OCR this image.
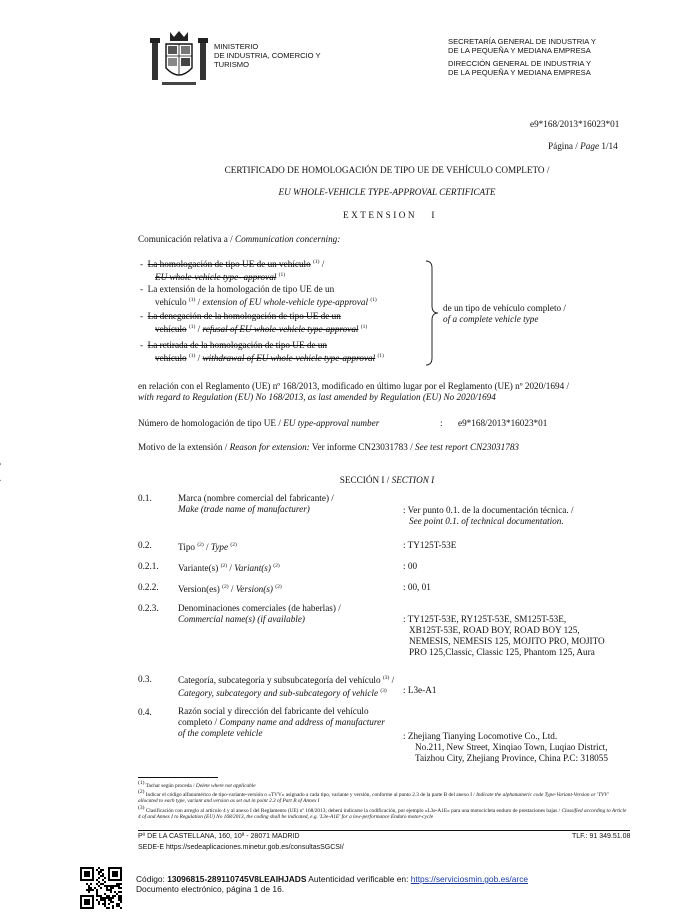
MINISTERIO
DE INDUSTRIA, COMERCIO Y
TURISMO
SECRETARÍA GENERAL DE INDUSTRIA Y
DE LA PEQUEÑA Y MEDIANA EMPRESA
DIRECCIÓN GENERAL DE INDUSTRIA Y
DE LA PEQUEÑA Y MEDIANA EMPRESA
e9*168/2013*16023*01
Página / Page 1/14
CERTIFICADO DE HOMOLOGACIÓN DE TIPO UE DE VEHÍCULO COMPLETO /
EU WHOLE-VEHICLE TYPE-APPROVAL CERTIFICATE
EXTENSION   I
Comunicación relativa a / Communication concerning:
-  La homologación de tipo UE de un vehículo $^{(1)}$ /
EU whole-vehicle type- approval $^{(1)}$
-  La extensión de la homologación de tipo UE de un
vehículo $^{(1)}$ / extension of EU whole-vehicle type-approval $^{(1)}$
-  La denegación de la homologación de tipo UE de un
vehículo $^{(1)}$ / refusal of EU whole-vehicle type-approval $^{(1)}$
-  La retirada de la homologación de tipo UE de un
vehículo $^{(1)}$ / withdrawal of EU whole-vehicle type-approval $^{(1)}$
de un tipo de vehículo completo /
of a complete vehicle type
en relación con el Reglamento (UE) nº 168/2013, modificado en último lugar por el Reglamento (UE) nº 2020/1694 /
with regard to Regulation (EU) No 168/2013, as last amended by Regulation (EU) No 2020/1694
Número de homologación de tipo UE / EU type-approval number	: e9*168/2013*16023*01
Motivo de la extensión / Reason for extension: Ver informe CN23031783 / See test report CN23031783
SECCIÓN I / SECTION I
0.1.	Marca (nombre comercial del fabricante) /
Make (trade name of manufacturer)	: Ver punto 0.1. de la documentación técnica. /
See point 0.1. of technical documentation.
0.2.	Tipo $^{(2)}$ / Type $^{(2)}$	: TY125T-53E
0.2.1. Variante(s) $^{(2)}$ / Variant(s) $^{(2)}$	: 00
0.2.2. Version(es) $^{(2)}$ / Version(s) $^{(2)}$	: 00, 01
0.2.3. Denominaciones comerciales (de haberlas) /
Commercial name(s) (if available)	: TY125T-53E, RY125T-53E, SM125T-53E,
XB125T-53E, ROAD BOY, ROAD BOY 125,
NEMESIS, NEMESIS 125, MOJITO PRO, MOJITO
PRO 125,Classic, Classic 125, Phantom 125, Aura
0.3.	Categoría, subcategoría y subsubcategoría del vehículo $^{(3)}$ /
Category, subcategory and sub-subcategory of vehicle $^{(3)}$	: L3e-A1
0.4.	Razón social y dirección del fabricante del vehículo
completo / Company name and address of manufacturer
of the complete vehicle	: Zhejiang Tianying Locomotive Co., Ltd.
No.211, New Street, Xinqiao Town, Luqiao District,
Taizhou City, Zhejiang Province, China P.C: 318055
$^{(1)}$ Tachar según proceda / Delete where not applicable
$^{(2)}$ Indicar el código alfanumérico de tipo-variante-versión o «TVV» asignado a cada tipo, variante y versión, conforme al punto 2.3 de la parte B del anexo I / Indicate the alphanumeric code Type-Variant-Version or 'TVV' allocated to each type, variant and version as set out in point 2.3 of Part B of Annex I
$^{(3)}$ Clasificación con arreglo al artículo 4 y al anexo I del Reglamento (UE) nº 168/2013; deberá indicarse la codificación, por ejemplo «L3e-A1E» para una motocicleta enduro de prestaciones bajas / Classified according to Article 4 of and Annex I to Regulation (EU) No 168/2013, the coding shall be indicated, e.g. 'L3e-A1E' for a low-performance Enduro motor-cycle
Pº DE LA CASTELLANA, 160, 10ª - 28071 MADRID	TLF.: 91 349.51.08
SEDE-E https://sedeaplicaciones.minetur.gob.es/consultasSGCSI/
Código: 13096815-289110745V8LEAIHJADS Autenticidad verificable en: https://serviciosmin.gob.es/arce
Documento electrónico, página 1 de 16.
